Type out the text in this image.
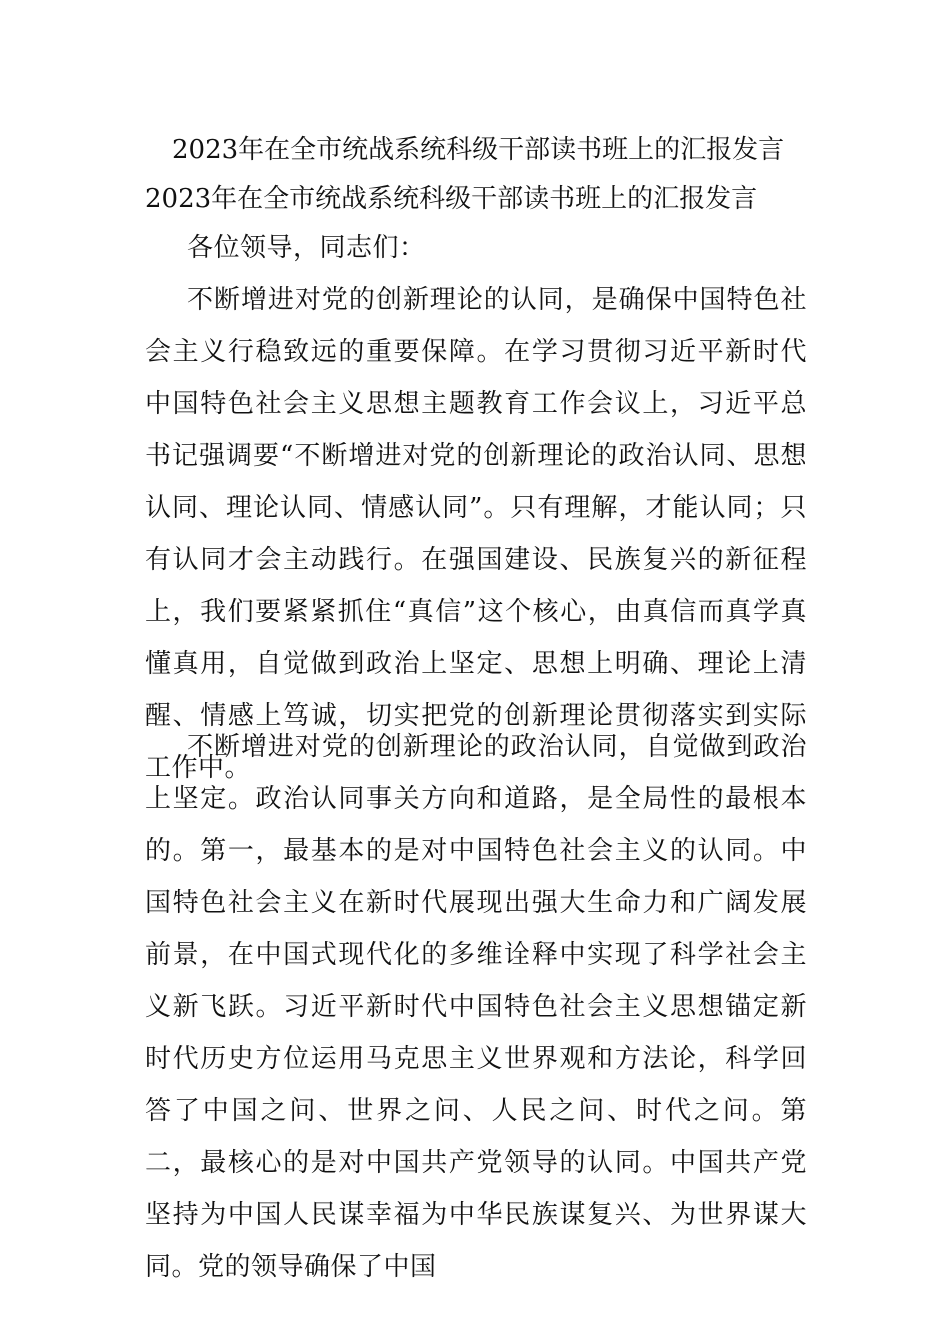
2023年在全市统战系统科级干部读书班上的汇报发言
2023年在全市统战系统科级干部读书班上的汇报发言

各位领导，同志们：

不断增进对党的创新理论的认同，是确保中国特色社会主义行稳致远的重要保障。在学习贯彻习近平新时代中国特色社会主义思想主题教育工作会议上，习近平总书记强调要“不断增进对党的创新理论的政治认同、思想认同、理论认同、情感认同”。只有理解，才能认同；只有认同才会主动践行。在强国建设、民族复兴的新征程上，我们要紧紧抓住“真信”这个核心，由真信而真学真懂真用，自觉做到政治上坚定、思想上明确、理论上清醒、情感上笃诚，切实把党的创新理论贯彻落实到实际工作中。

不断增进对党的创新理论的政治认同，自觉做到政治上坚定。政治认同事关方向和道路，是全局性的最根本的。第一，最基本的是对中国特色社会主义的认同。中国特色社会主义在新时代展现出强大生命力和广阔发展前景，在中国式现代化的多维诠释中实现了科学社会主义新飞跃。习近平新时代中国特色社会主义思想锚定新时代历史方位运用马克思主义世界观和方法论，科学回答了中国之问、世界之问、人民之问、时代之问。第二，最核心的是对中国共产党领导的认同。中国共产党坚持为中国人民谋幸福为中华民族谋复兴、为世界谋大同。党的领导确保了中国
